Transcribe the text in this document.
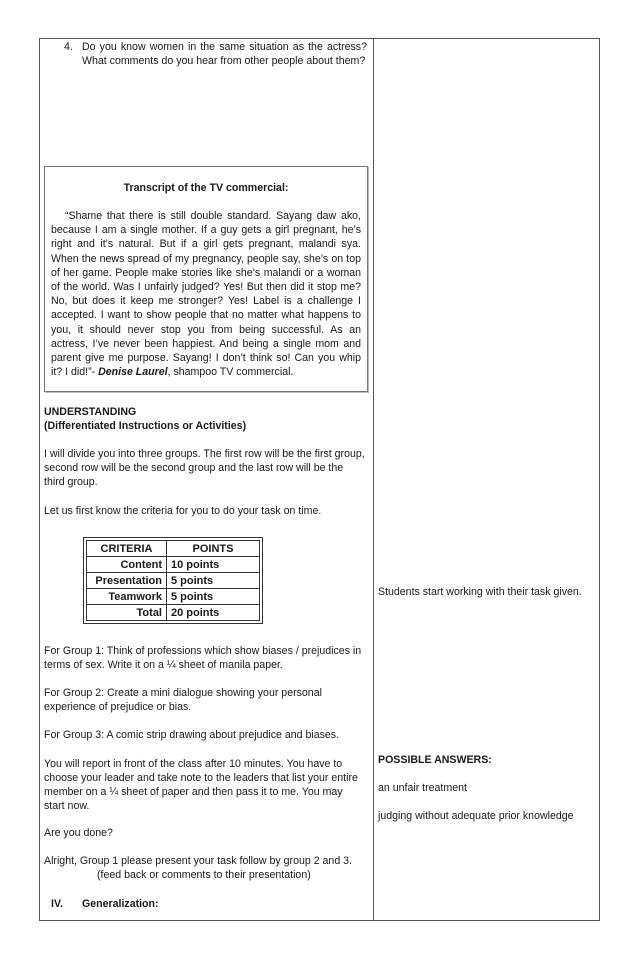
4. Do you know women in the same situation as the actress? What comments do you hear from other people about them?
Transcript of the TV commercial:
“Shame that there is still double standard. Sayang daw ako, because I am a single mother. If a guy gets a girl pregnant, he’s right and it’s natural. But if a girl gets pregnant, malandi sya. When the news spread of my pregnancy, people say, she’s on top of her game. People make stories like she’s malandi or a woman of the world. Was I unfairly judged? Yes! But then did it stop me? No, but does it keep me stronger? Yes! Label is a challenge I accepted. I want to show people that no matter what happens to you, it should never stop you from being successful. As an actress, I’ve never been happiest. And being a single mom and parent give me purpose. Sayang! I don’t think so! Can you whip it? I did!”- Denise Laurel, shampoo TV commercial.
UNDERSTANDING
(Differentiated Instructions or Activities)
I will divide you into three groups. The first row will be the first group, second row will be the second group and the last row will be the third group.
Let us first know the criteria for you to do your task on time.
CRITERIA	POINTS
Content	10 points
Presentation	5 points
Teamwork	5 points
Total	20 points
For Group 1: Think of professions which show biases / prejudices in terms of sex. Write it on a ¼ sheet of manila paper.
For Group 2: Create a mini dialogue showing your personal experience of prejudice or bias.
For Group 3: A comic strip drawing about prejudice and biases.
You will report in front of the class after 10 minutes. You have to choose your leader and take note to the leaders that list your entire member on a ¼ sheet of paper and then pass it to me. You may start now.
Are you done?
Alright, Group 1 please present your task follow by group 2 and 3.
(feed back or comments to their presentation)
IV.	Generalization:
Students start working with their task given.
POSSIBLE ANSWERS:
an unfair treatment
judging without adequate prior knowledge
